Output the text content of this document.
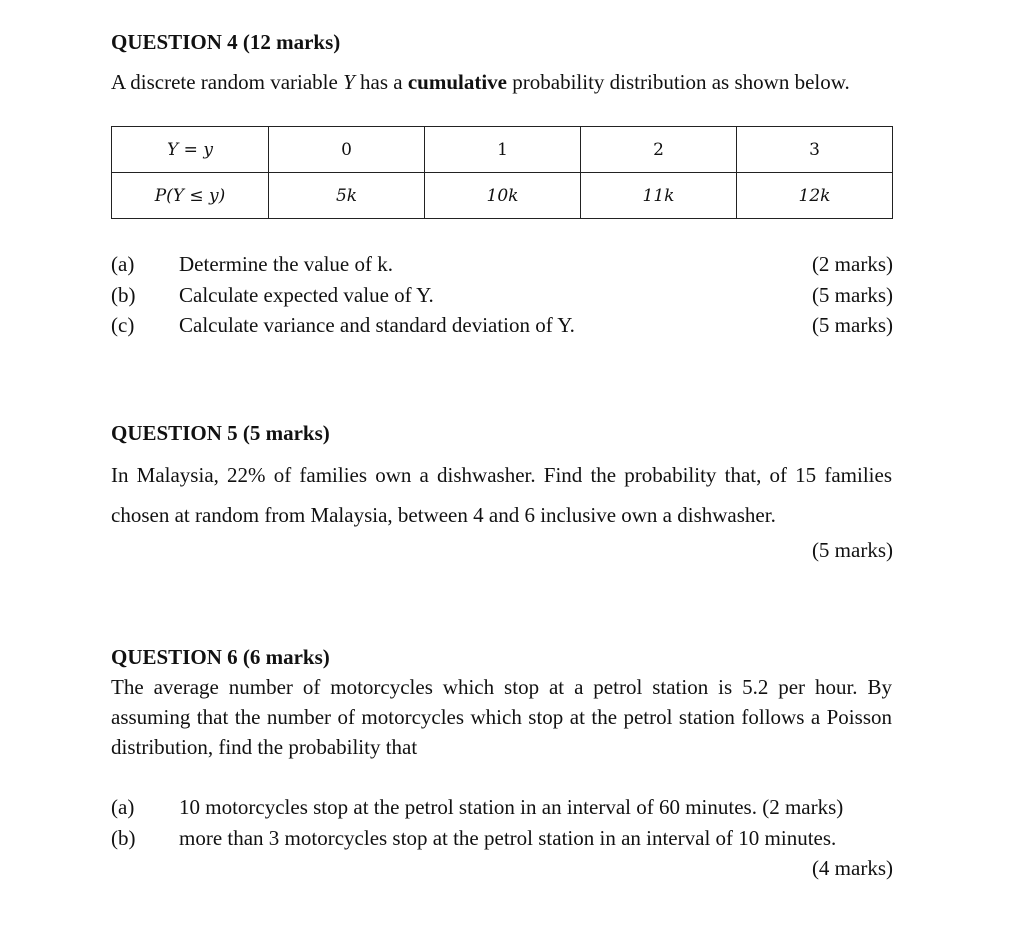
QUESTION 4 (12 marks)
A discrete random variable Y has a cumulative probability distribution as shown below.
Y = y	0	1	2	3
P(Y ≤ y)	5k	10k	11k	12k
(a) Determine the value of k.	(2 marks)
(b) Calculate expected value of Y.	(5 marks)
(c) Calculate variance and standard deviation of Y.	(5 marks)
QUESTION 5 (5 marks)
In Malaysia, 22% of families own a dishwasher. Find the probability that, of 15 families chosen at random from Malaysia, between 4 and 6 inclusive own a dishwasher.
(5 marks)
QUESTION 6 (6 marks)
The average number of motorcycles which stop at a petrol station is 5.2 per hour. By assuming that the number of motorcycles which stop at the petrol station follows a Poisson distribution, find the probability that
(a) 10 motorcycles stop at the petrol station in an interval of 60 minutes. (2 marks)
(b) more than 3 motorcycles stop at the petrol station in an interval of 10 minutes.
(4 marks)
